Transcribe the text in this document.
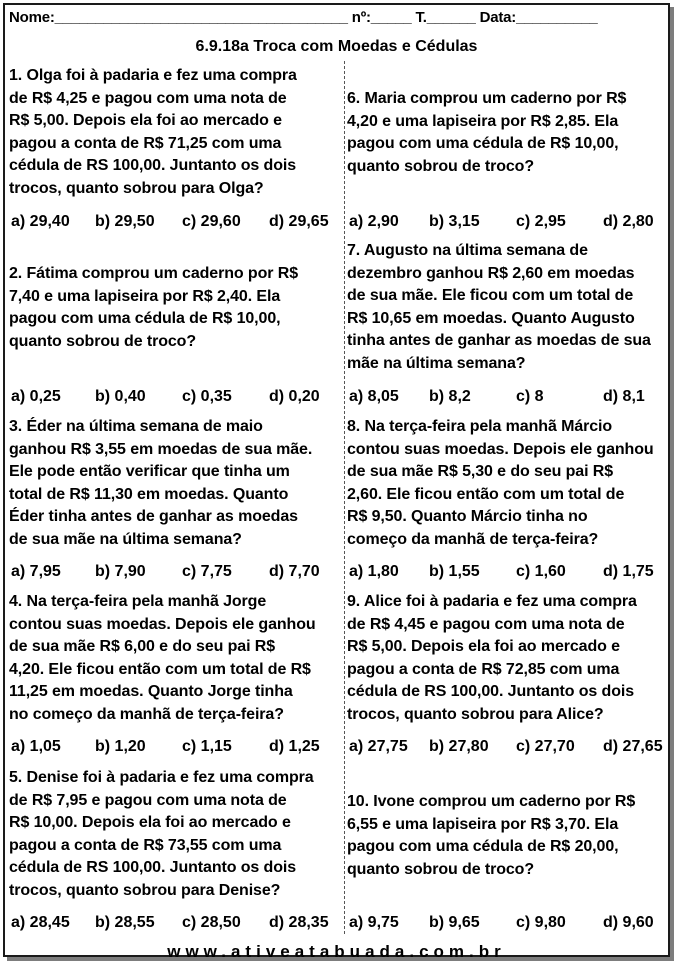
Nome:____________________________________ nº:_____ T.______ Data:__________
6.9.18a Troca com Moedas e Cédulas
1. Olga foi à padaria e fez uma compra
de R$ 4,25 e pagou com uma nota de
R$ 5,00. Depois ela foi ao mercado e
pagou a conta de R$ 71,25 com uma
cédula de RS 100,00. Juntanto os dois
trocos, quanto sobrou para Olga?
a) 29,40 b) 29,50 c) 29,60 d) 29,65
2. Fátima comprou um caderno por R$
7,40 e uma lapiseira por R$ 2,40. Ela
pagou com uma cédula de R$ 10,00,
quanto sobrou de troco?
a) 0,25 b) 0,40 c) 0,35 d) 0,20
3. Éder na última semana de maio
ganhou R$ 3,55 em moedas de sua mãe.
Ele pode então verificar que tinha um
total de R$ 11,30 em moedas. Quanto
Éder tinha antes de ganhar as moedas
de sua mãe na última semana?
a) 7,95 b) 7,90 c) 7,75 d) 7,70
4. Na terça-feira pela manhã Jorge
contou suas moedas. Depois ele ganhou
de sua mãe R$ 6,00 e do seu pai R$
4,20. Ele ficou então com um total de R$
11,25 em moedas. Quanto Jorge tinha
no começo da manhã de terça-feira?
a) 1,05 b) 1,20 c) 1,15 d) 1,25
5. Denise foi à padaria e fez uma compra
de R$ 7,95 e pagou com uma nota de
R$ 10,00. Depois ela foi ao mercado e
pagou a conta de R$ 73,55 com uma
cédula de RS 100,00. Juntanto os dois
trocos, quanto sobrou para Denise?
a) 28,45 b) 28,55 c) 28,50 d) 28,35
6. Maria comprou um caderno por R$
4,20 e uma lapiseira por R$ 2,85. Ela
pagou com uma cédula de R$ 10,00,
quanto sobrou de troco?
a) 2,90 b) 3,15 c) 2,95 d) 2,80
7. Augusto na última semana de
dezembro ganhou R$ 2,60 em moedas
de sua mãe. Ele ficou com um total de
R$ 10,65 em moedas. Quanto Augusto
tinha antes de ganhar as moedas de sua
mãe na última semana?
a) 8,05 b) 8,2	c) 8	d) 8,1
8. Na terça-feira pela manhã Márcio
contou suas moedas. Depois ele ganhou
de sua mãe R$ 5,30 e do seu pai R$
2,60. Ele ficou então com um total de
R$ 9,50. Quanto Márcio tinha no
começo da manhã de terça-feira?
a) 1,80 b) 1,55 c) 1,60 d) 1,75
9. Alice foi à padaria e fez uma compra
de R$ 4,45 e pagou com uma nota de
R$ 5,00. Depois ela foi ao mercado e
pagou a conta de R$ 72,85 com uma
cédula de RS 100,00. Juntanto os dois
trocos, quanto sobrou para Alice?
a) 27,75 b) 27,80 c) 27,70 d) 27,65
10. Ivone comprou um caderno por R$
6,55 e uma lapiseira por R$ 3,70. Ela
pagou com uma cédula de R$ 20,00,
quanto sobrou de troco?
a) 9,75 b) 9,65 c) 9,80 d) 9,60
www.ativeatabuada.com.br
